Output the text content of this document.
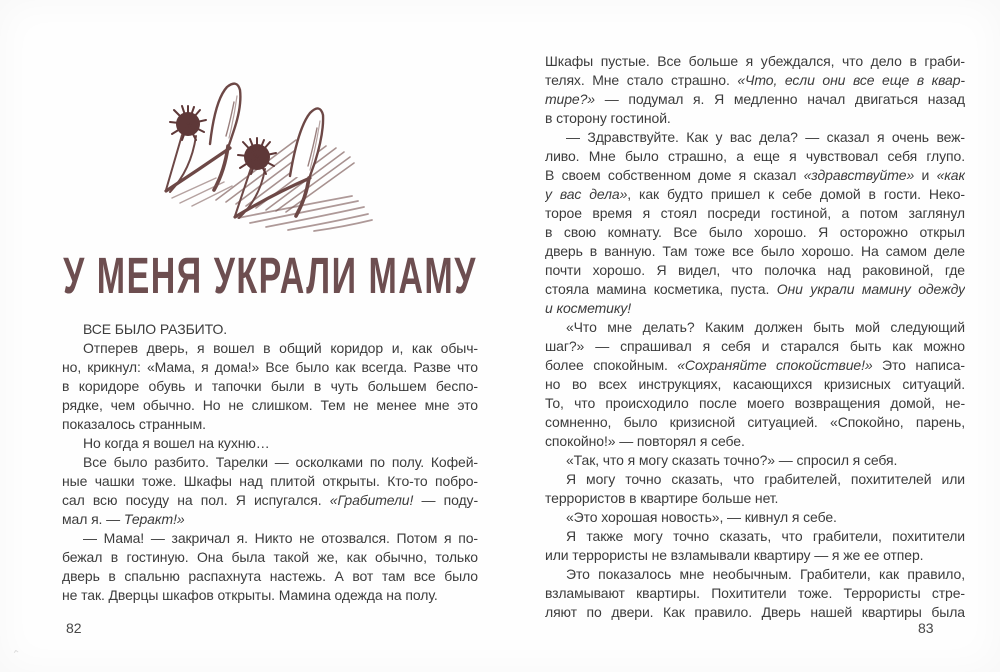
У МЕНЯ УКРАЛИ МАМУ
ВСЕ БЫЛО РАЗБИТО.
Отперев дверь, я вошел в общий коридор и, как обыч-
но, крикнул: «Мама, я дома!» Все было как всегда. Разве что
в коридоре обувь и тапочки были в чуть большем беспо-
рядке, чем обычно. Но не слишком. Тем не менее мне это
показалось странным.
Но когда я вошел на кухню…
Все было разбито. Тарелки — осколками по полу. Кофей-
ные чашки тоже. Шкафы над плитой открыты. Кто-то побро-
сал всю посуду на пол. Я испугался. «Грабители! — поду-
мал я. — Теракт!»
— Мама! — закричал я. Никто не отозвался. Потом я по-
бежал в гостиную. Она была такой же, как обычно, только
дверь в спальню распахнута настежь. А вот там все было
не так. Дверцы шкафов открыты. Мамина одежда на полу.
82
Шкафы пустые. Все больше я убеждался, что дело в граби-
телях. Мне стало страшно. «Что, если они все еще в квар-
тире?» — подумал я. Я медленно начал двигаться назад
в сторону гостиной.
— Здравствуйте. Как у вас дела? — сказал я очень веж-
ливо. Мне было страшно, а еще я чувствовал себя глупо.
В своем собственном доме я сказал «здравствуйте» и «как
у вас дела», как будто пришел к себе домой в гости. Неко-
торое время я стоял посреди гостиной, а потом заглянул
в свою комнату. Все было хорошо. Я осторожно открыл
дверь в ванную. Там тоже все было хорошо. На самом деле
почти хорошо. Я видел, что полочка над раковиной, где
стояла мамина косметика, пуста. Они украли мамину одежду
и косметику!
«Что мне делать? Каким должен быть мой следующий
шаг?» — спрашивал я себя и старался быть как можно
более спокойным. «Сохраняйте спокойствие!» Это написа-
но во всех инструкциях, касающихся кризисных ситуаций.
То, что происходило после моего возвращения домой, не-
сомненно, было кризисной ситуацией. «Спокойно, парень,
спокойно!» — повторял я себе.
«Так, что я могу сказать точно?» — спросил я себя.
Я могу точно сказать, что грабителей, похитителей или
террористов в квартире больше нет.
«Это хорошая новость», — кивнул я себе.
Я также могу точно сказать, что грабители, похитители
или террористы не взламывали квартиру — я же ее отпер.
Это показалось мне необычным. Грабители, как правило,
взламывают квартиры. Похитители тоже. Террористы стре-
ляют по двери. Как правило. Дверь нашей квартиры была
83
⌃
